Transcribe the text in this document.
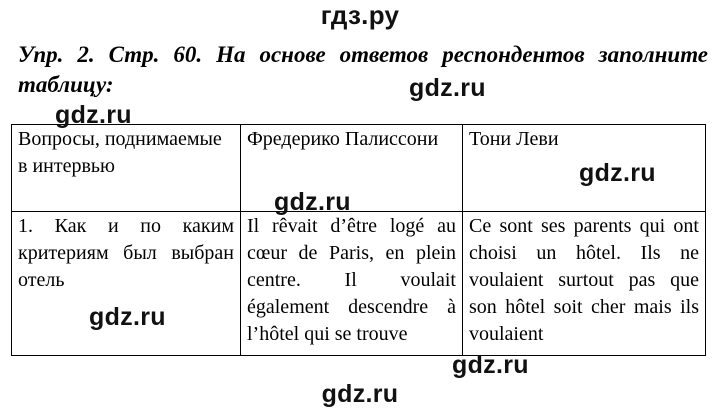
гдз.ру
Упр. 2. Стр. 60. На основе ответов респондентов заполните таблицу:
Вопросы, поднимаемые в интервью	Фредерико Палиссони	Тони Леви
1. Как и по каким критериям был выбран отель	Il rêvait d’être logé au cœur de Paris, en plein centre. Il voulait également descendre à l’hôtel qui se trouve	Ce sont ses parents qui ont choisi un hôtel. Ils ne voulaient surtout pas que son hôtel soit cher mais ils voulaient
gdz.ru
gdz.ru
gdz.ru
gdz.ru
gdz.ru
gdz.ru
gdz.ru
